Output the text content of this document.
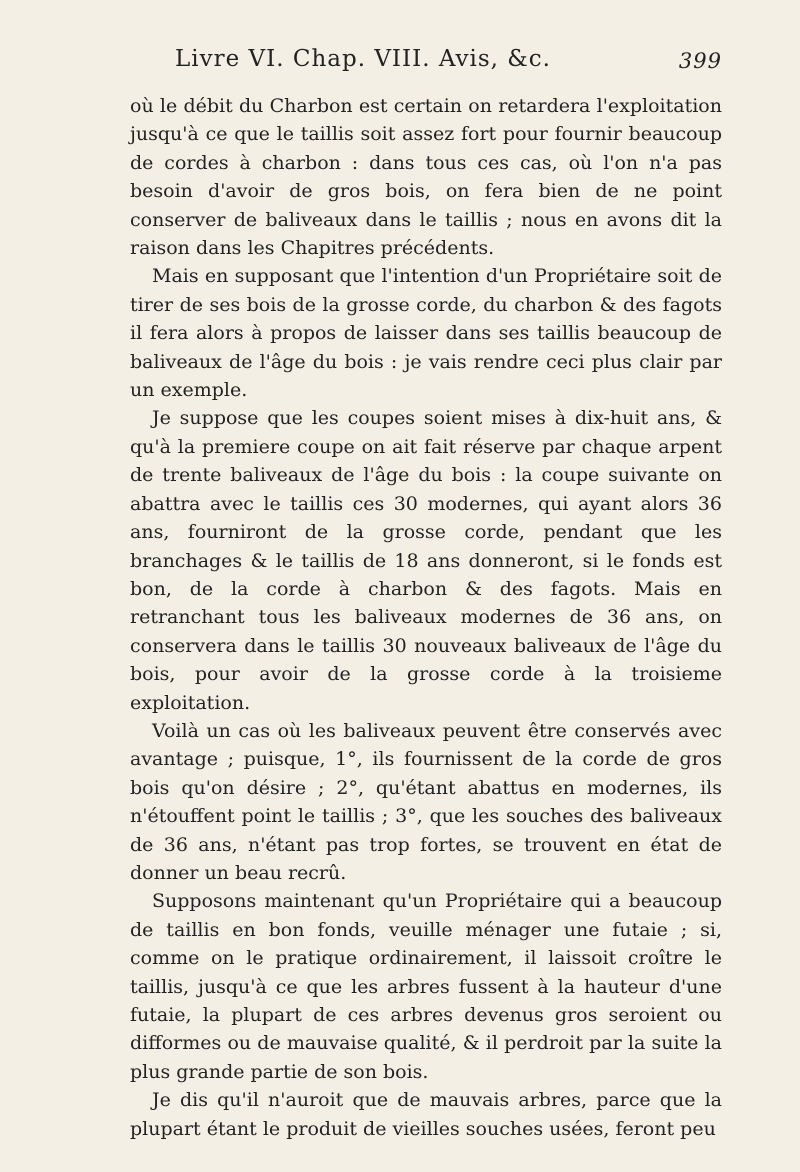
Livre VI. Chap. VIII. Avis, &c.	399

où le débit du Charbon est certain on retardera l'exploitation jusqu'à ce que le taillis soit assez fort pour fournir beaucoup de cordes à charbon : dans tous ces cas, où l'on n'a pas besoin d'avoir de gros bois, on fera bien de ne point conserver de baliveaux dans le taillis ; nous en avons dit la raison dans les Chapitres précédents.

Mais en supposant que l'intention d'un Propriétaire soit de tirer de ses bois de la grosse corde, du charbon & des fagots il fera alors à propos de laisser dans ses taillis beaucoup de baliveaux de l'âge du bois : je vais rendre ceci plus clair par un exemple.

Je suppose que les coupes soient mises à dix-huit ans, & qu'à la premiere coupe on ait fait réserve par chaque arpent de trente baliveaux de l'âge du bois : la coupe suivante on abattra avec le taillis ces 30 modernes, qui ayant alors 36 ans, fourniront de la grosse corde, pendant que les branchages & le taillis de 18 ans donneront, si le fonds est bon, de la corde à charbon & des fagots. Mais en retranchant tous les baliveaux modernes de 36 ans, on conservera dans le taillis 30 nouveaux baliveaux de l'âge du bois, pour avoir de la grosse corde à la troisieme exploitation.

Voilà un cas où les baliveaux peuvent être conservés avec avantage ; puisque, 1°, ils fournissent de la corde de gros bois qu'on désire ; 2°, qu'étant abattus en modernes, ils n'étouffent point le taillis ; 3°, que les souches des baliveaux de 36 ans, n'étant pas trop fortes, se trouvent en état de donner un beau recrû.

Supposons maintenant qu'un Propriétaire qui a beaucoup de taillis en bon fonds, veuille ménager une futaie ; si, comme on le pratique ordinairement, il laissoit croître le taillis, jusqu'à ce que les arbres fussent à la hauteur d'une futaie, la plupart de ces arbres devenus gros seroient ou difformes ou de mauvaise qualité, & il perdroit par la suite la plus grande partie de son bois.

Je dis qu'il n'auroit que de mauvais arbres, parce que la plupart étant le produit de vieilles souches usées, feront peu
